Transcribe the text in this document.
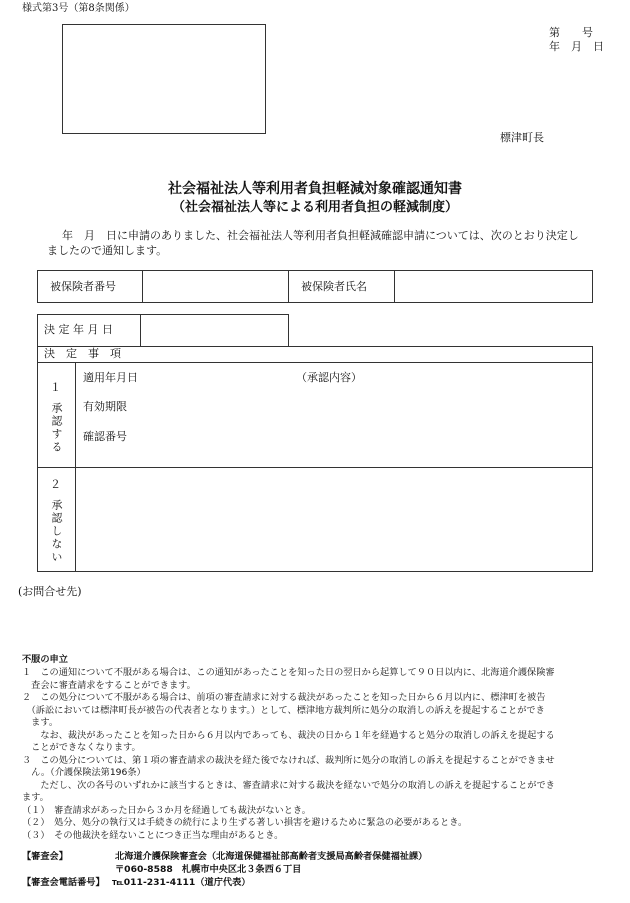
様式第3号（第8条関係）
第　　号
年　月　日
標津町長
社会福祉法人等利用者負担軽減対象確認通知書
（社会福祉法人等による利用者負担の軽減制度）
年　月　日に申請のありました、社会福祉法人等利用者負担軽減確認申請については、次のとおり決定し
ましたので通知します。
被保険者番号	被保険者氏名
決 定 年 月 日
決　定　事　項
１
承認する
適用年月日
有効期限
確認番号
（承認内容）
２
承認しない
(お問合せ先)
不服の申立
１　この通知について不服がある場合は、この通知があったことを知った日の翌日から起算して９０日以内に、北海道介護保険審
　査会に審査請求をすることができます。
２　この処分について不服がある場合は、前項の審査請求に対する裁決があったことを知った日から６月以内に、標津町を被告
　（訴訟においては標津町長が被告の代表者となります。）として、標津地方裁判所に処分の取消しの訴えを提起することができ
　ます。
　　なお、裁決があったことを知った日から６月以内であっても、裁決の日から１年を経過すると処分の取消しの訴えを提起する
　ことができなくなります。
３　この処分については、第１項の審査請求の裁決を経た後でなければ、裁判所に処分の取消しの訴えを提起することができませ
　ん。（介護保険法第196条）
　　ただし、次の各号のいずれかに該当するときは、審査請求に対する裁決を経ないで処分の取消しの訴えを提起することができ
ます。
（１）　審査請求があった日から３か月を経過しても裁決がないとき。
（２）　処分、処分の執行又は手続きの続行により生ずる著しい損害を避けるために緊急の必要があるとき。
（３）　その他裁決を経ないことにつき正当な理由があるとき。
【審査会】	北海道介護保険審査会（北海道保健福祉部高齢者支援局高齢者保健福祉課）
〒060-8588　札幌市中央区北３条西６丁目
【審査会電話番号】 ℡011-231-4111（道庁代表）
